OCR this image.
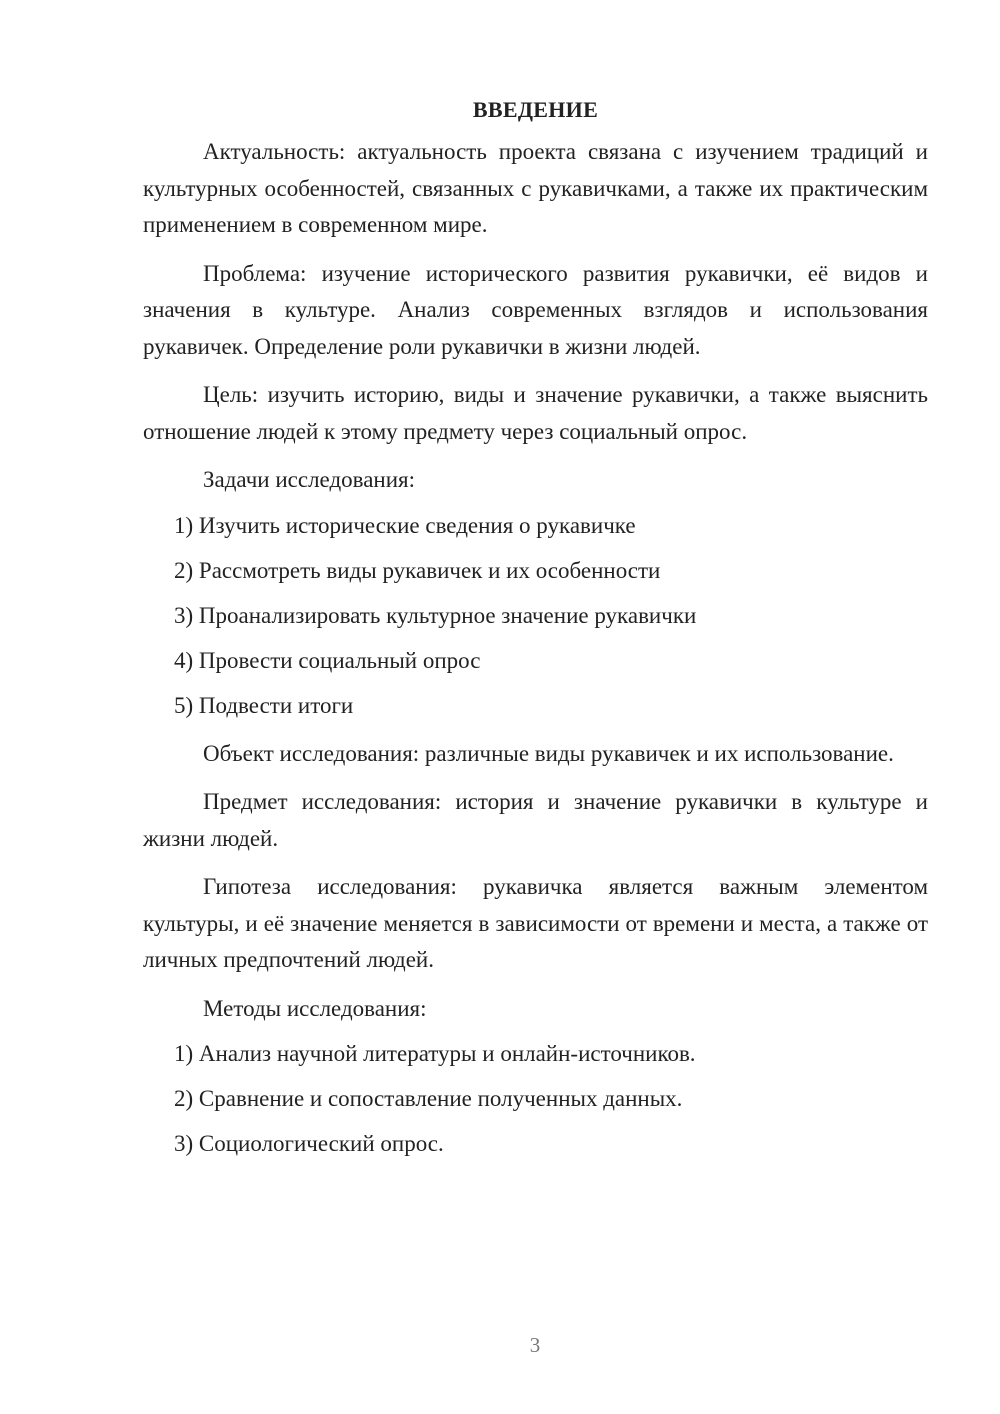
ВВЕДЕНИЕ

Актуальность: актуальность проекта связана с изучением традиций и культурных особенностей, связанных с рукавичками, а также их практическим применением в современном мире.

Проблема: изучение исторического развития рукавички, её видов и значения в культуре. Анализ современных взглядов и использования рукавичек. Определение роли рукавички в жизни людей.

Цель: изучить историю, виды и значение рукавички, а также выяснить отношение людей к этому предмету через социальный опрос.

Задачи исследования:

1) Изучить исторические сведения о рукавичке
2) Рассмотреть виды рукавичек и их особенности
3) Проанализировать культурное значение рукавички
4) Провести социальный опрос
5) Подвести итоги

Объект исследования: различные виды рукавичек и их использование.

Предмет исследования: история и значение рукавички в культуре и жизни людей.

Гипотеза исследования: рукавичка является важным элементом культуры, и её значение меняется в зависимости от времени и места, а также от личных предпочтений людей.

Методы исследования:

1) Анализ научной литературы и онлайн-источников.
2) Сравнение и сопоставление полученных данных.
3) Социологический опрос.
3
